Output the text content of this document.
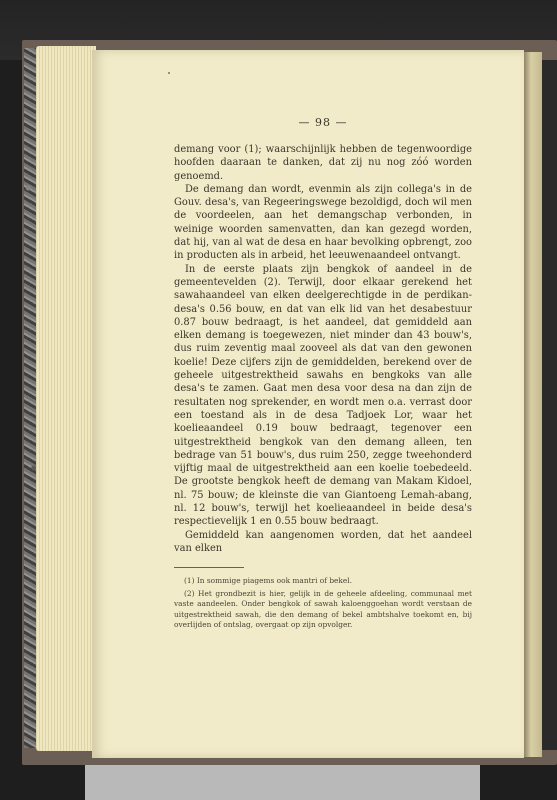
— 98 —

demang voor (1); waarschijnlijk hebben de tegenwoordige hoofden daaraan te danken, dat zij nu nog zóó worden genoemd.

De demang dan wordt, evenmin als zijn collega's in de Gouv. desa's, van Regeeringswege bezoldigd, doch wil men de voordeelen, aan het demangschap verbonden, in weinige woorden samenvatten, dan kan gezegd worden, dat hij, van al wat de desa en haar bevolking opbrengt, zoo in producten als in arbeid, het leeuwenaandeel ontvangt.

In de eerste plaats zijn bengkok of aandeel in de gemeentevelden (2). Terwijl, door elkaar gerekend het sawahaandeel van elken deelgerechtigde in de perdikan-desa's 0.56 bouw, en dat van elk lid van het desabestuur 0.87 bouw bedraagt, is het aandeel, dat gemiddeld aan elken demang is toegewezen, niet minder dan 43 bouw's, dus ruim zeventig maal zooveel als dat van den gewonen koelie! Deze cijfers zijn de gemiddelden, berekend over de geheele uitgestrektheid sawahs en bengkoks van alle desa's te zamen. Gaat men desa voor desa na dan zijn de resultaten nog sprekender, en wordt men o.a. verrast door een toestand als in de desa Tadjoek Lor, waar het koelieaandeel 0.19 bouw bedraagt, tegenover een uitgestrektheid bengkok van den demang alleen, ten bedrage van 51 bouw's, dus ruim 250, zegge tweehonderd vijftig maal de uitgestrektheid aan een koelie toebedeeld. De grootste bengkok heeft de demang van Makam Kidoel, nl. 75 bouw; de kleinste die van Giantoeng Lemah-abang, nl. 12 bouw's, terwijl het koelieaandeel in beide desa's respectievelijk 1 en 0.55 bouw bedraagt.

Gemiddeld kan aangenomen worden, dat het aandeel van elken

(1) In sommige piagems ook mantri of bekel.

(2) Het grondbezit is hier, gelijk in de geheele afdeeling, communaal met vaste aandeelen. Onder bengkok of sawah kaloenggoehan wordt verstaan de uitgestrektheid sawah, die den demang of bekel ambtshalve toekomt en, bij overlijden of ontslag, overgaat op zijn opvolger.
